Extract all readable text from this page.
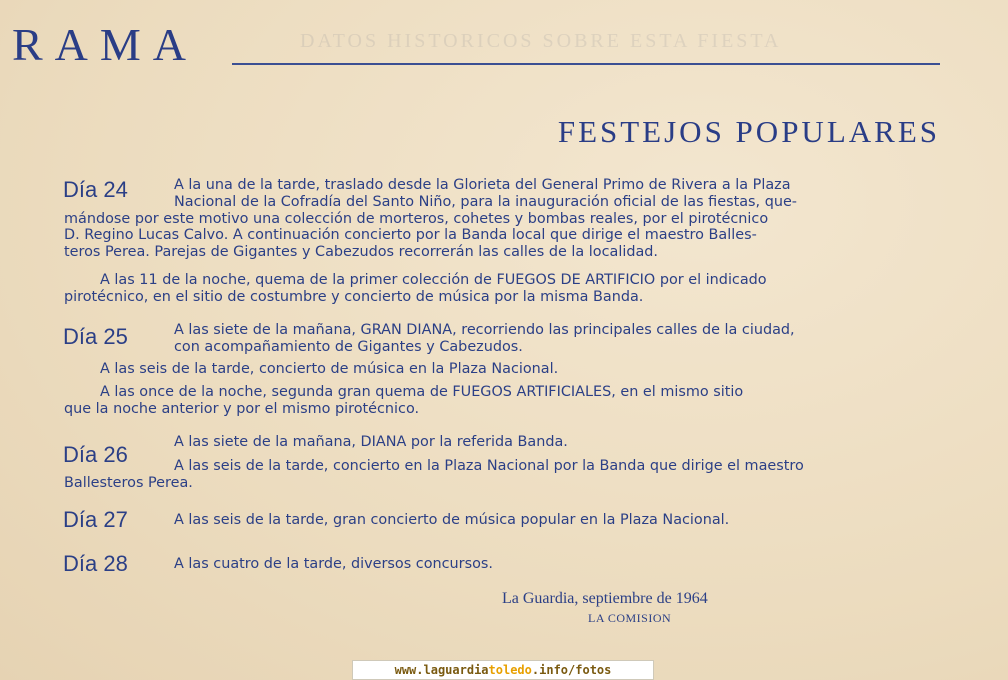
DATOS HISTORICOS SOBRE ESTA FIESTA
RAMA
FESTEJOS POPULARES
Día 24	A la una de la tarde, traslado desde la Glorieta del General Primo de Rivera a la Plaza
Nacional de la Cofradía del Santo Niño, para la inauguración oficial de las fiestas, que-
mándose por este motivo una colección de morteros, cohetes y bombas reales, por el pirotécnico
D. Regino Lucas Calvo. A continuación concierto por la Banda local que dirige el maestro Balles-
teros Perea. Parejas de Gigantes y Cabezudos recorrerán las calles de la localidad.
A las 11 de la noche, quema de la primer colección de FUEGOS DE ARTIFICIO por el indicado
pirotécnico, en el sitio de costumbre y concierto de música por la misma Banda.
Día 25	A las siete de la mañana, GRAN DIANA, recorriendo las principales calles de la ciudad,
con acompañamiento de Gigantes y Cabezudos.
A las seis de la tarde, concierto de música en la Plaza Nacional.
A las once de la noche, segunda gran quema de FUEGOS ARTIFICIALES, en el mismo sitio
que la noche anterior y por el mismo pirotécnico.
Día 26	A las siete de la mañana, DIANA por la referida Banda.
A las seis de la tarde, concierto en la Plaza Nacional por la Banda que dirige el maestro
Ballesteros Perea.
Día 27	A las seis de la tarde, gran concierto de música popular en la Plaza Nacional.
Día 28	A las cuatro de la tarde, diversos concursos.
La Guardia, septiembre de 1964
LA COMISION
www.laguardiatoledo.info/fotos
